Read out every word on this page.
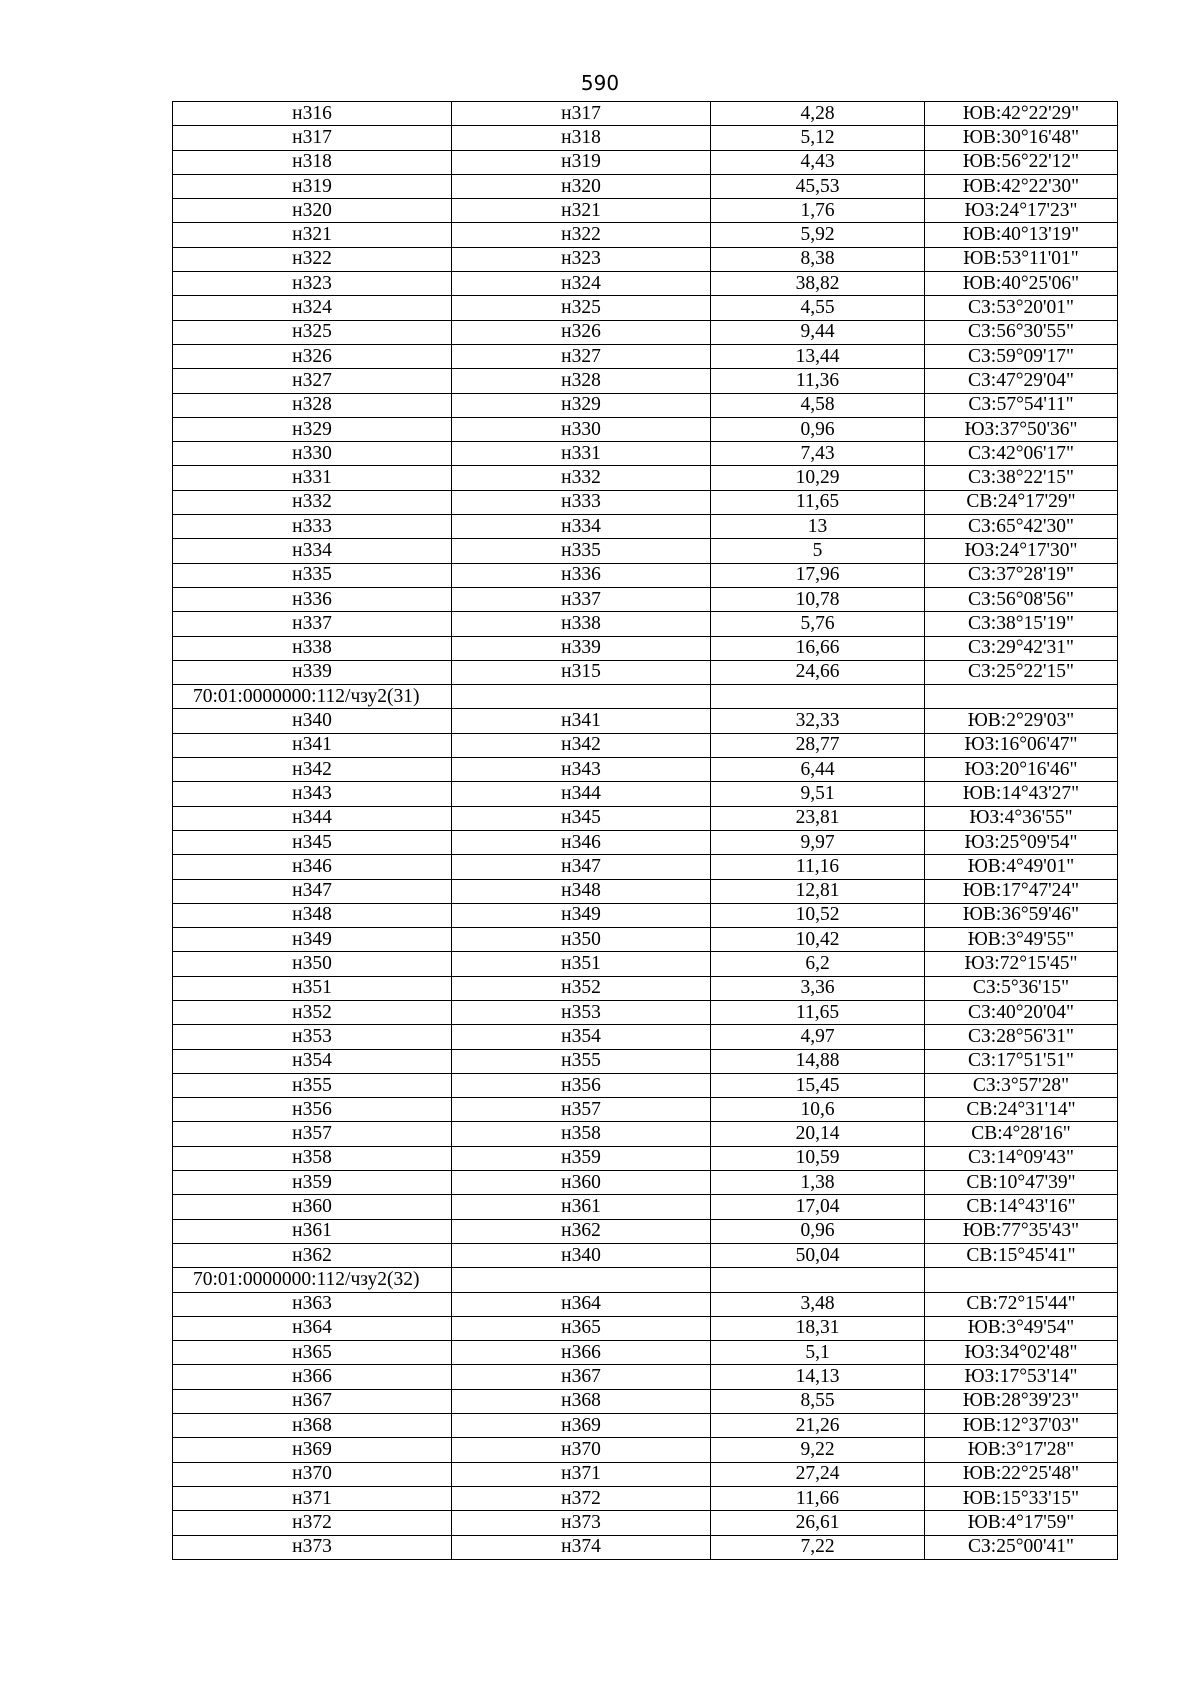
590
н316	н317	4,28	ЮВ:42°22'29"
н317	н318	5,12	ЮВ:30°16'48"
н318	н319	4,43	ЮВ:56°22'12"
н319	н320	45,53	ЮВ:42°22'30"
н320	н321	1,76	ЮЗ:24°17'23"
н321	н322	5,92	ЮВ:40°13'19"
н322	н323	8,38	ЮВ:53°11'01"
н323	н324	38,82	ЮВ:40°25'06"
н324	н325	4,55	СЗ:53°20'01"
н325	н326	9,44	СЗ:56°30'55"
н326	н327	13,44	СЗ:59°09'17"
н327	н328	11,36	СЗ:47°29'04"
н328	н329	4,58	СЗ:57°54'11"
н329	н330	0,96	ЮЗ:37°50'36"
н330	н331	7,43	СЗ:42°06'17"
н331	н332	10,29	СЗ:38°22'15"
н332	н333	11,65	СВ:24°17'29"
н333	н334	13	СЗ:65°42'30"
н334	н335	5	ЮЗ:24°17'30"
н335	н336	17,96	СЗ:37°28'19"
н336	н337	10,78	СЗ:56°08'56"
н337	н338	5,76	СЗ:38°15'19"
н338	н339	16,66	СЗ:29°42'31"
н339	н315	24,66	СЗ:25°22'15"
70:01:0000000:112/чзу2(31)			
н340	н341	32,33	ЮВ:2°29'03"
н341	н342	28,77	ЮЗ:16°06'47"
н342	н343	6,44	ЮЗ:20°16'46"
н343	н344	9,51	ЮВ:14°43'27"
н344	н345	23,81	ЮЗ:4°36'55"
н345	н346	9,97	ЮЗ:25°09'54"
н346	н347	11,16	ЮВ:4°49'01"
н347	н348	12,81	ЮВ:17°47'24"
н348	н349	10,52	ЮВ:36°59'46"
н349	н350	10,42	ЮВ:3°49'55"
н350	н351	6,2	ЮЗ:72°15'45"
н351	н352	3,36	СЗ:5°36'15"
н352	н353	11,65	СЗ:40°20'04"
н353	н354	4,97	СЗ:28°56'31"
н354	н355	14,88	СЗ:17°51'51"
н355	н356	15,45	СЗ:3°57'28"
н356	н357	10,6	СВ:24°31'14"
н357	н358	20,14	СВ:4°28'16"
н358	н359	10,59	СЗ:14°09'43"
н359	н360	1,38	СВ:10°47'39"
н360	н361	17,04	СВ:14°43'16"
н361	н362	0,96	ЮВ:77°35'43"
н362	н340	50,04	СВ:15°45'41"
70:01:0000000:112/чзу2(32)			
н363	н364	3,48	СВ:72°15'44"
н364	н365	18,31	ЮВ:3°49'54"
н365	н366	5,1	ЮЗ:34°02'48"
н366	н367	14,13	ЮЗ:17°53'14"
н367	н368	8,55	ЮВ:28°39'23"
н368	н369	21,26	ЮВ:12°37'03"
н369	н370	9,22	ЮВ:3°17'28"
н370	н371	27,24	ЮВ:22°25'48"
н371	н372	11,66	ЮВ:15°33'15"
н372	н373	26,61	ЮВ:4°17'59"
н373	н374	7,22	СЗ:25°00'41"
